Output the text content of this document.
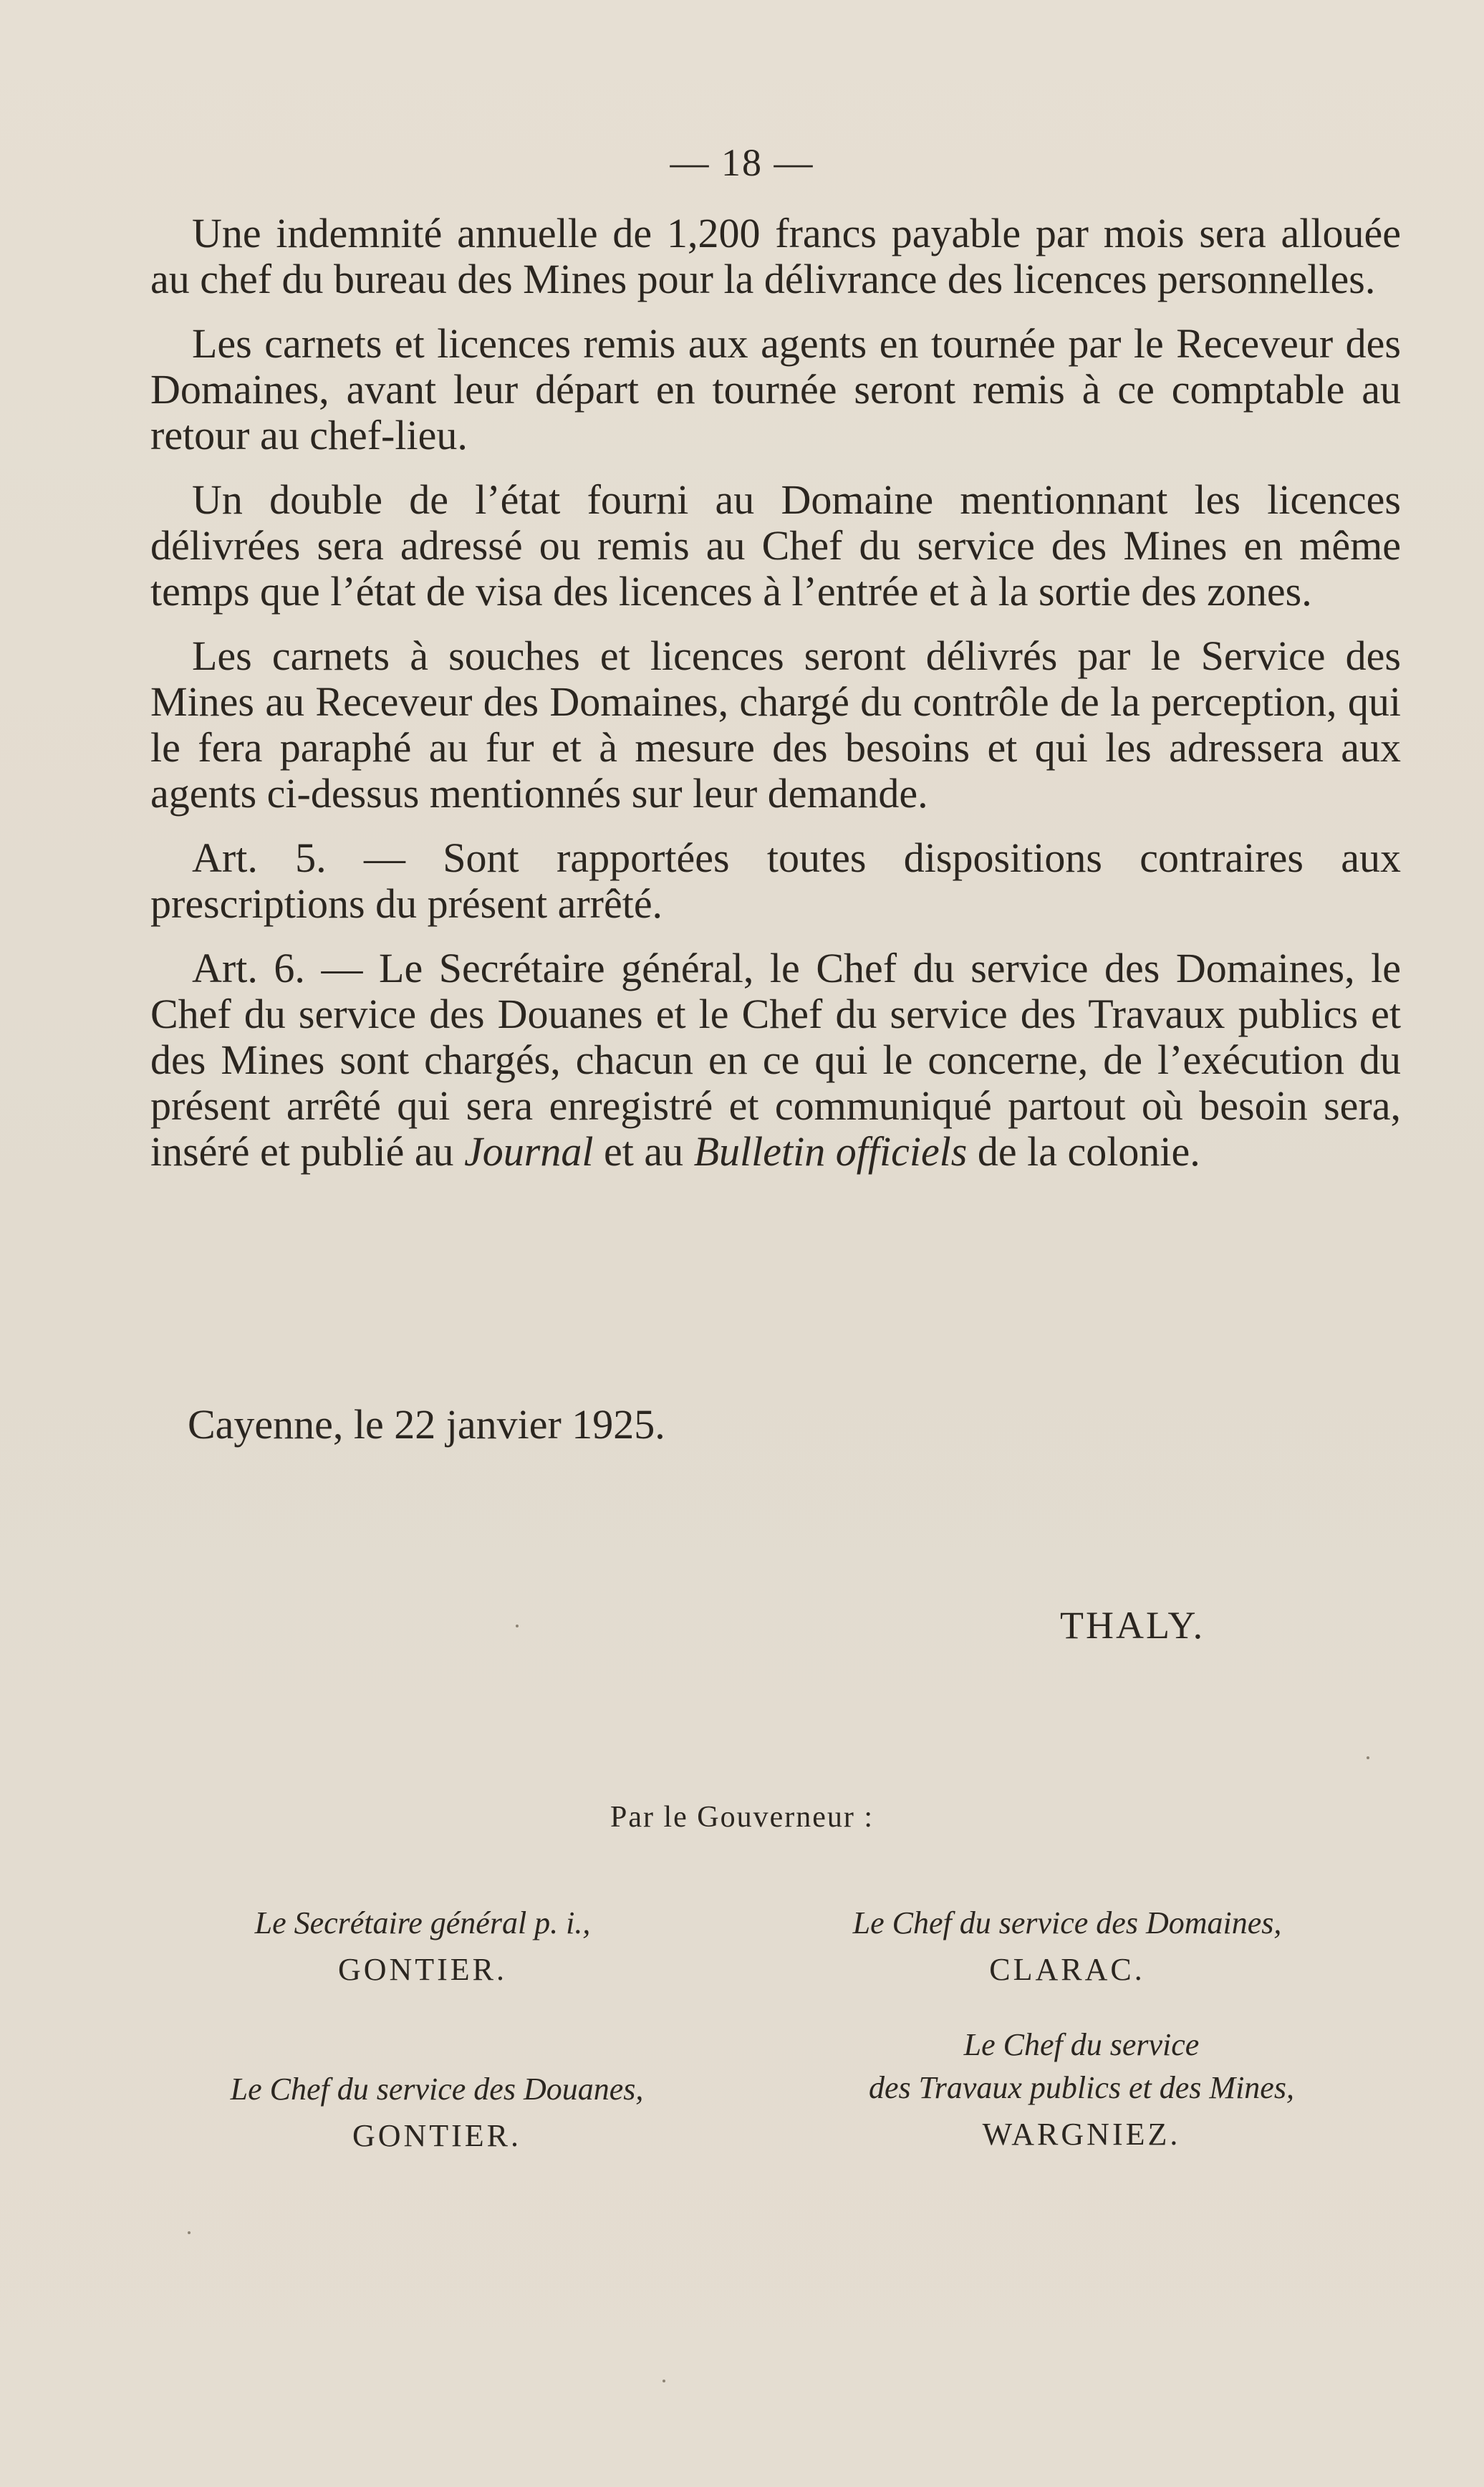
— 18 —

Une indemnité annuelle de 1,200 francs payable par mois sera allouée au chef du bureau des Mines pour la délivrance des licences personnelles.

Les carnets et licences remis aux agents en tournée par le Receveur des Domaines, avant leur départ en tournée seront remis à ce comptable au retour au chef-lieu.

Un double de l’état fourni au Domaine mentionnant les licences délivrées sera adressé ou remis au Chef du service des Mines en même temps que l’état de visa des licences à l’entrée et à la sortie des zones.

Les carnets à souches et licences seront délivrés par le Service des Mines au Receveur des Domaines, chargé du contrôle de la perception, qui le fera paraphé au fur et à mesure des besoins et qui les adressera aux agents ci-dessus mentionnés sur leur demande.

Art. 5. — Sont rapportées toutes dispositions contraires aux prescriptions du présent arrêté.

Art. 6. — Le Secrétaire général, le Chef du service des Domaines, le Chef du service des Douanes et le Chef du service des Travaux publics et des Mines sont chargés, chacun en ce qui le concerne, de l’exécution du présent arrêté qui sera enregistré et communiqué partout où besoin sera, inséré et publié au Journal et au Bulletin officiels de la colonie.

Cayenne, le 22 janvier 1925.
THALY.
Par le Gouverneur :
Le Secrétaire général p. i.,
GONTIER.
Le Chef du service des Domaines,
CLARAC.
Le Chef du service des Douanes,
GONTIER.
Le Chef du service
des Travaux publics et des Mines,
WARGNIEZ.
